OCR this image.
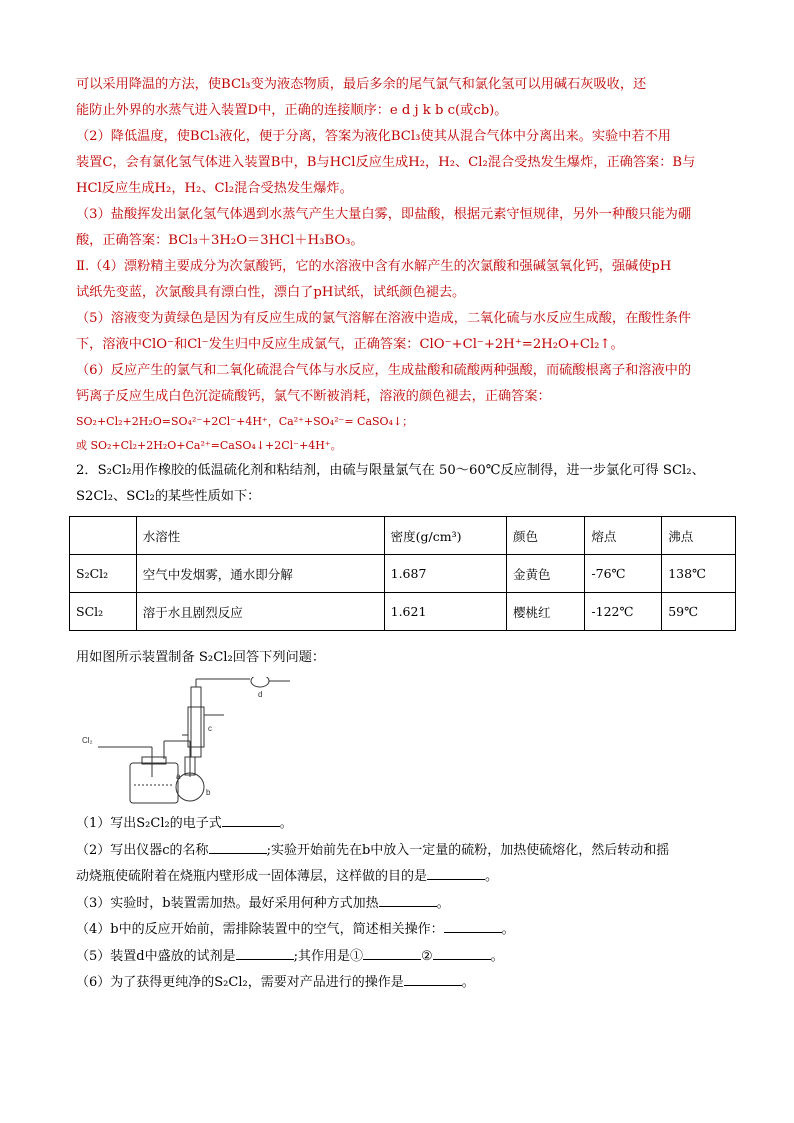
可以采用降温的方法，使BCl₃变为液态物质，最后多余的尾气氯气和氯化氢可以用碱石灰吸收，还

能防止外界的水蒸气进入装置D中，正确的连接顺序：e d j k b c(或cb)。

（2）降低温度，使BCl₃液化，便于分离，答案为液化BCl₃使其从混合气体中分离出来。实验中若不用

装置C，会有氯化氢气体进入装置B中，B与HCl反应生成H₂，H₂、Cl₂混合受热发生爆炸，正确答案：B与

HCl反应生成H₂，H₂、Cl₂混合受热发生爆炸。

（3）盐酸挥发出氯化氢气体遇到水蒸气产生大量白雾，即盐酸，根据元素守恒规律，另外一种酸只能为硼

酸，正确答案：BCl₃＋3H₂O＝3HCl＋H₃BO₃。

Ⅱ.（4）漂粉精主要成分为次氯酸钙，它的水溶液中含有水解产生的次氯酸和强碱氢氧化钙，强碱使pH

试纸先变蓝，次氯酸具有漂白性，漂白了pH试纸，试纸颜色褪去。

（5）溶液变为黄绿色是因为有反应生成的氯气溶解在溶液中造成，二氧化硫与水反应生成酸，在酸性条件

下，溶液中ClO⁻和Cl⁻发生归中反应生成氯气，正确答案：ClO⁻+Cl⁻+2H⁺=2H₂O+Cl₂↑。

（6）反应产生的氯气和二氧化硫混合气体与水反应，生成盐酸和硫酸两种强酸，而硫酸根离子和溶液中的

钙离子反应生成白色沉淀硫酸钙，氯气不断被消耗，溶液的颜色褪去，正确答案：

SO₂+Cl₂+2H₂O=SO₄²⁻+2Cl⁻+4H⁺，Ca²⁺+SO₄²⁻= CaSO₄↓；

或 SO₂+Cl₂+2H₂O+Ca²⁺=CaSO₄↓+2Cl⁻+4H⁺。

2．S₂Cl₂用作橡胶的低温硫化剂和粘结剂，由硫与限量氯气在 50～60℃反应制得，进一步氯化可得 SCl₂、

S2Cl₂、SCl₂的某些性质如下：

	水溶性	密度(g/cm³)	颜色	熔点	沸点
S₂Cl₂	空气中发烟雾，通水即分解	1.687	金黄色	-76℃	138℃
SCl₂	溶于水且剧烈反应	1.621	樱桃红	-122℃	59℃

用如图所示装置制备 S₂Cl₂回答下列问题：

Cl₂
a
b
c
d

（1）写出S₂Cl₂的电子式	。

（2）写出仪器c的名称	;实验开始前先在b中放入一定量的硫粉，加热使硫熔化，然后转动和摇

动烧瓶使硫附着在烧瓶内壁形成一固体薄层，这样做的目的是	。

（3）实验时，b装置需加热。最好采用何种方式加热	。

（4）b中的反应开始前，需排除装置中的空气，简述相关操作：	。

（5）装置d中盛放的试剂是	;其作用是①	②	。

（6）为了获得更纯净的S₂Cl₂，需要对产品进行的操作是	。
